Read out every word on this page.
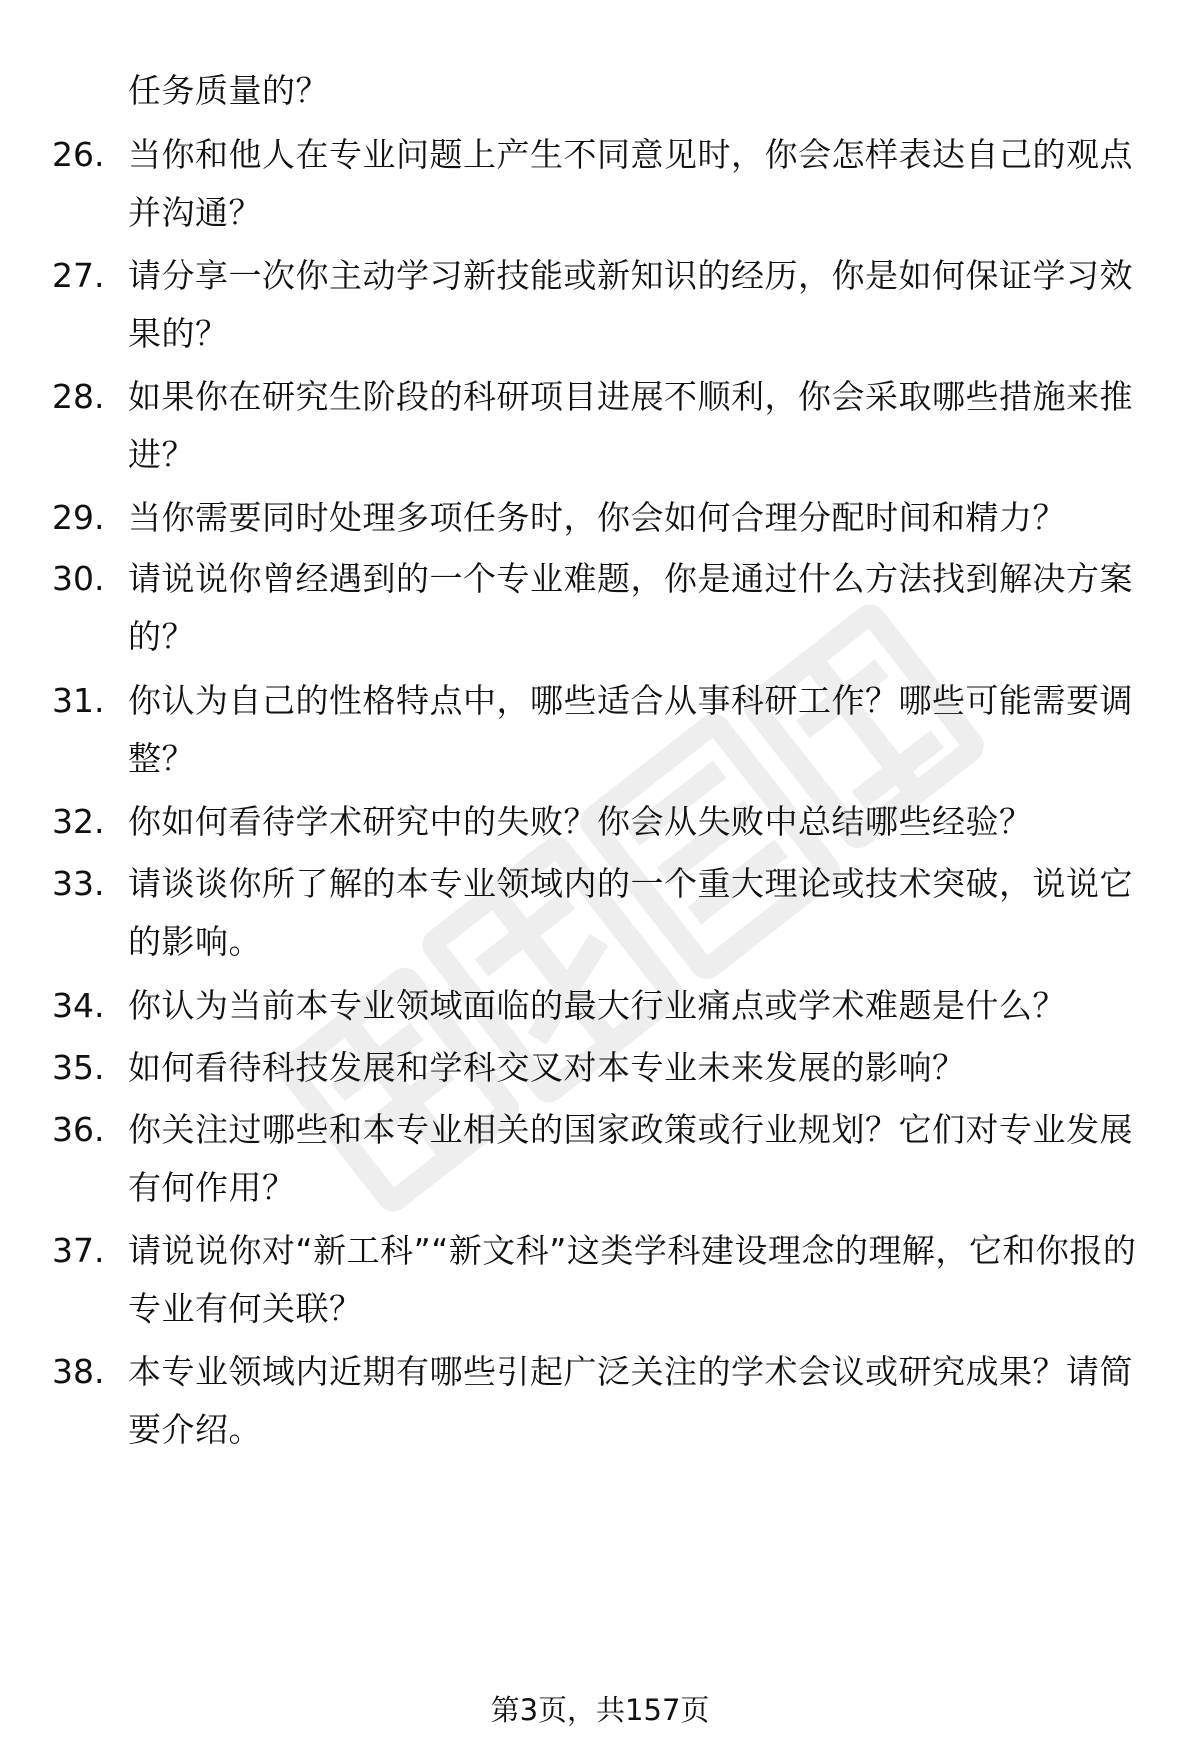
任务质量的？
26. 当你和他人在专业问题上产生不同意见时，你会怎样表达自己的观点并沟通？
27. 请分享一次你主动学习新技能或新知识的经历，你是如何保证学习效果的？
28. 如果你在研究生阶段的科研项目进展不顺利，你会采取哪些措施来推进？
29. 当你需要同时处理多项任务时，你会如何合理分配时间和精力？
30. 请说说你曾经遇到的一个专业难题，你是通过什么方法找到解决方案的？
31. 你认为自己的性格特点中，哪些适合从事科研工作？哪些可能需要调整？
32. 你如何看待学术研究中的失败？你会从失败中总结哪些经验？
33. 请谈谈你所了解的本专业领域内的一个重大理论或技术突破，说说它的影响。
34. 你认为当前本专业领域面临的最大行业痛点或学术难题是什么？
35. 如何看待科技发展和学科交叉对本专业未来发展的影响？
36. 你关注过哪些和本专业相关的国家政策或行业规划？它们对专业发展有何作用？
37. 请说说你对“新工科”“新文科”这类学科建设理念的理解，它和你报的专业有何关联？
38. 本专业领域内近期有哪些引起广泛关注的学术会议或研究成果？请简要介绍。
第3页，共157页
